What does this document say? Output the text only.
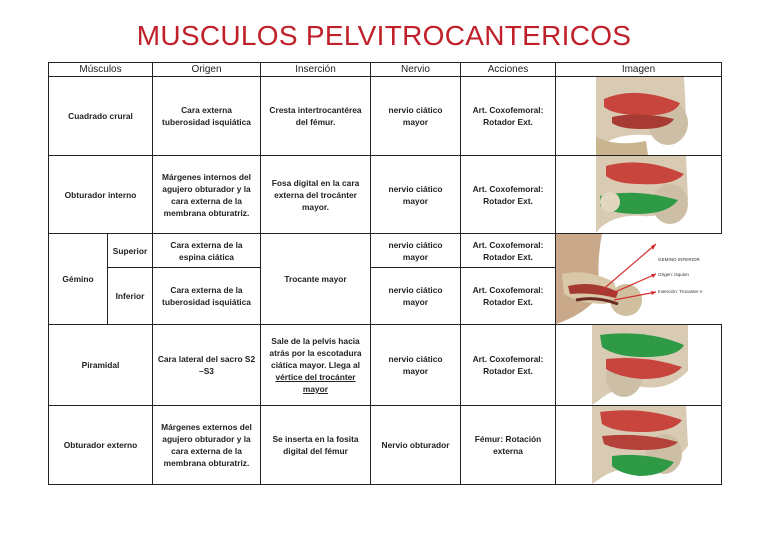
MUSCULOS PELVITROCANTERICOS
Músculos		Origen	Inserción	Nervio	Acciones	Imagen
Cuadrado crural		Cara externa tuberosidad isquiática	Cresta intertrocantérea del fémur.	nervio ciático mayor	Art. Coxofemoral: Rotador Ext.	

Obturador interno		Márgenes internos del agujero obturador y la cara externa de la membrana obturatriz.	Fosa digital en la cara externa del trocánter mayor.	nervio ciático mayor	Art. Coxofemoral: Rotador Ext.	

Gémino	Superior	Cara externa de la espina ciática	Trocante mayor	nervio ciático mayor	Art. Coxofemoral: Rotador Ext.	GEMINO INFERIOR
Origen: isquion
Inserción: Trocanter n

	Inferior	Cara externa de la tuberosidad isquiática		nervio ciático mayor	Art. Coxofemoral: Rotador Ext.	
Piramidal		Cara lateral del sacro S2 –S3	Sale de la pelvis hacia atrás por la escotadura ciática mayor. Llega al vértice del trocánter mayor	nervio ciático mayor	Art. Coxofemoral: Rotador Ext.	

Obturador externo		Márgenes externos del agujero obturador y la cara externa de la membrana obturatriz.	Se inserta en la fosita digital del fémur	Nervio obturador	Fémur: Rotación externa	
